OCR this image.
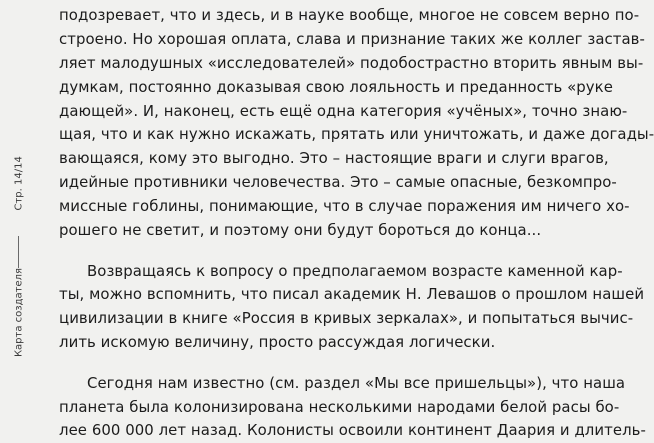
Стр. 14/14
Карта создателя
подозревает, что и здесь, и в науке вообще, многое не совсем верно по-
строено. Но хорошая оплата, слава и признание таких же коллег застав-
ляет малодушных «исследователей» подобострастно вторить явным вы-
думкам, постоянно доказывая свою лояльность и преданность «руке
дающей». И, наконец, есть ещё одна категория «учёных», точно знаю-
щая, что и как нужно искажать, прятать или уничтожать, и даже догады-
вающаяся, кому это выгодно. Это – настоящие враги и слуги врагов,
идейные противники человечества. Это – самые опасные, безкомпро-
миссные гоблины, понимающие, что в случае поражения им ничего хо-
рошего не светит, и поэтому они будут бороться до конца...
Возвращаясь к вопросу о предполагаемом возрасте каменной кар-
ты, можно вспомнить, что писал академик Н. Левашов о прошлом нашей
цивилизации в книге «Россия в кривых зеркалах», и попытаться вычис-
лить искомую величину, просто рассуждая логически.
Сегодня нам известно (см. раздел «Мы все пришельцы»), что наша
планета была колонизирована несколькими народами белой расы бо-
лее 600 000 лет назад. Колонисты освоили континент Даария и длитель-
